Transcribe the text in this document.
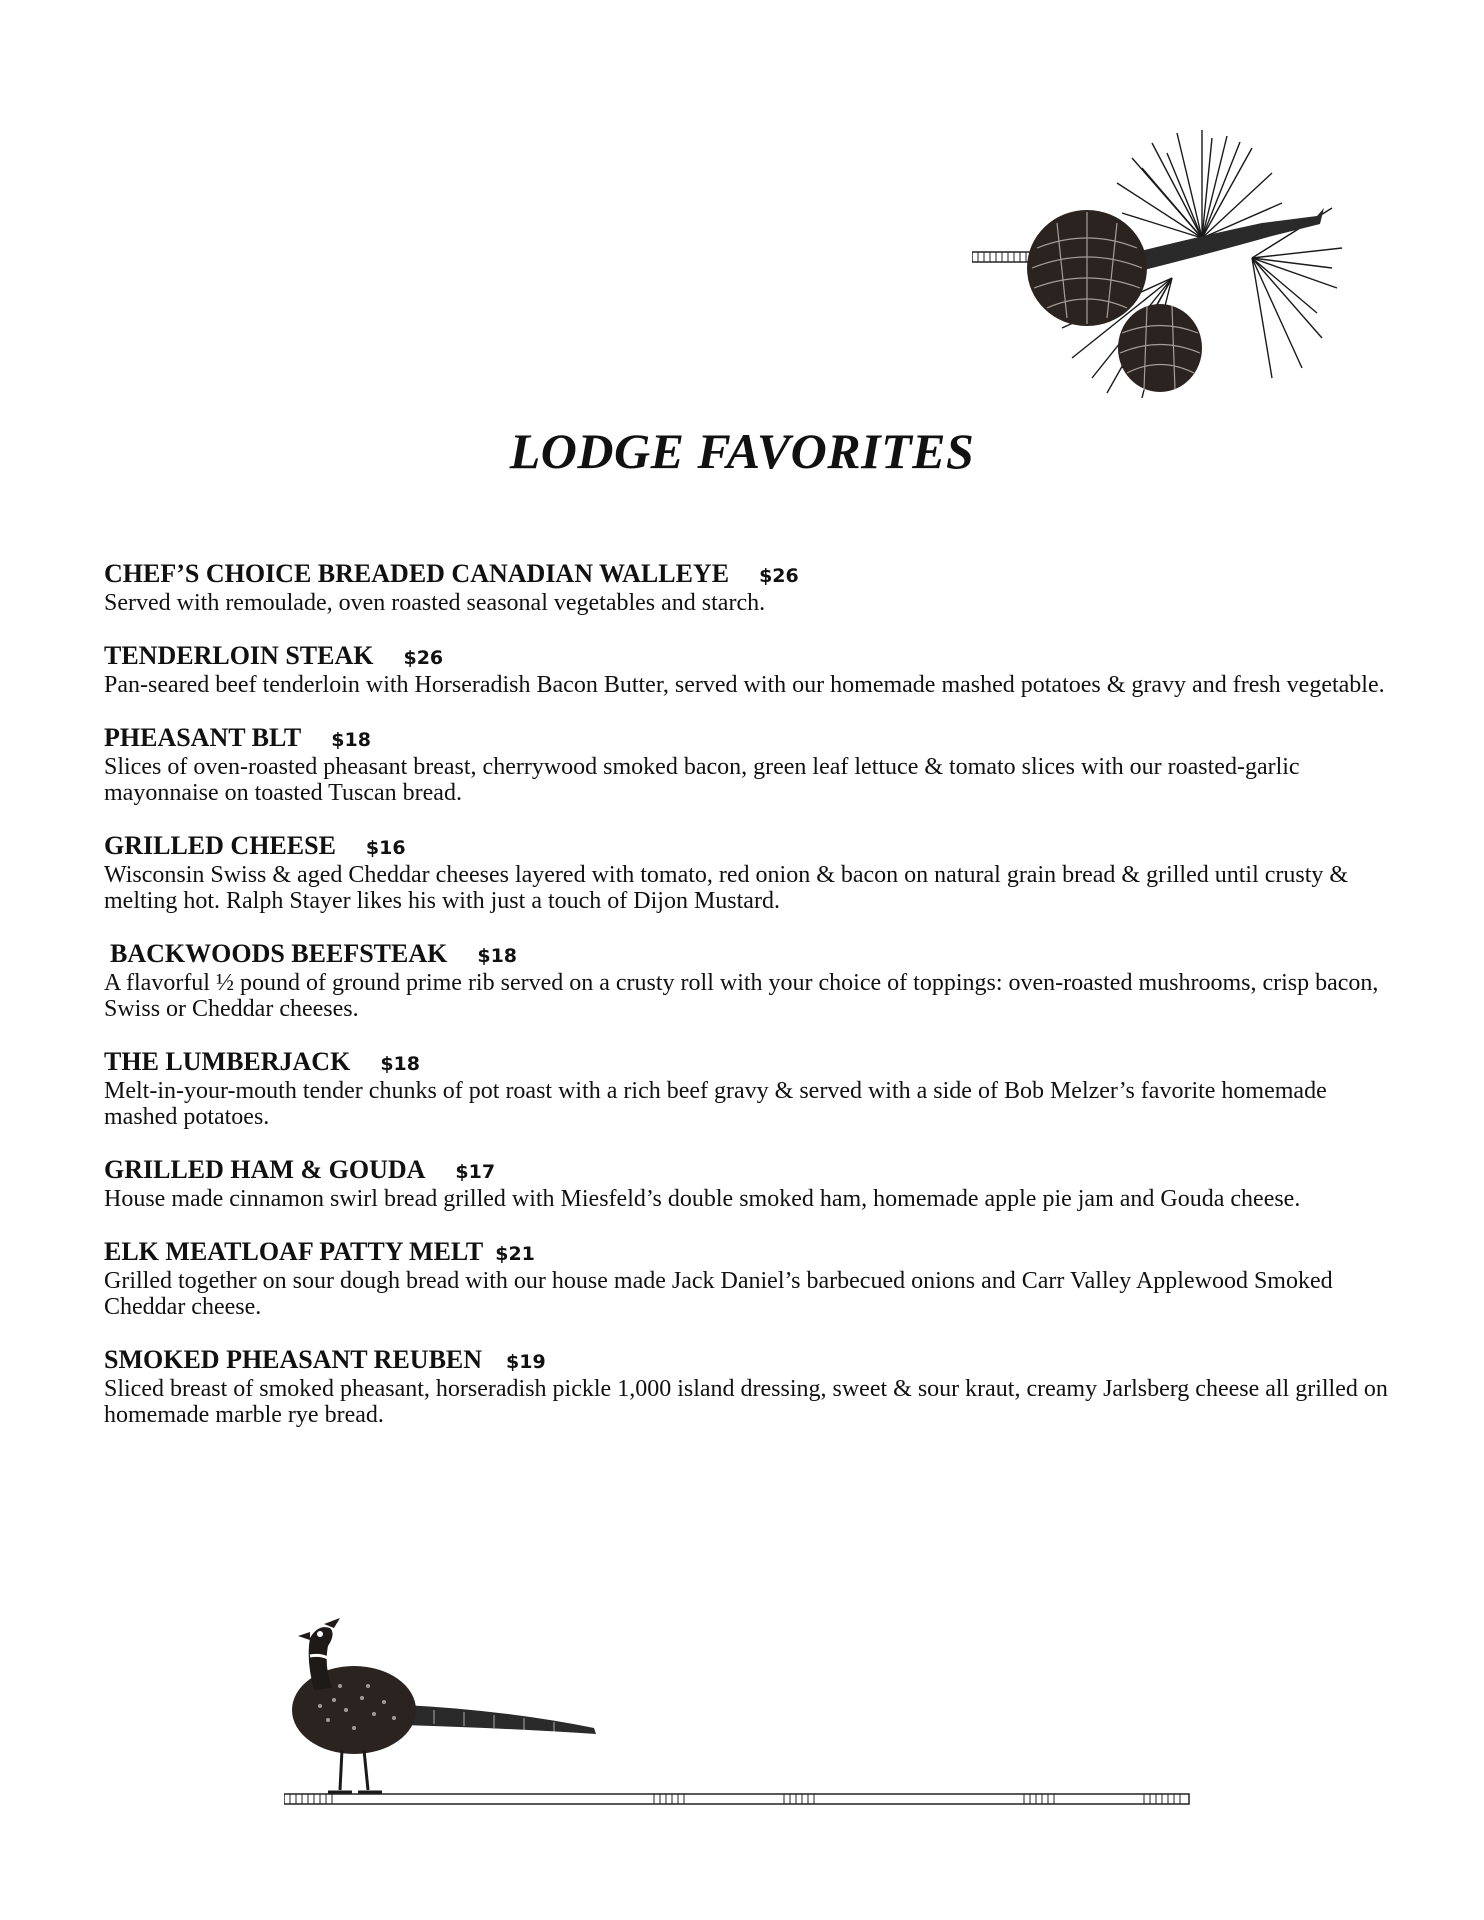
LODGE FAVORITES
CHEF’S CHOICE BREADED CANADIAN WALLEYE $26
Served with remoulade, oven roasted seasonal vegetables and starch.
TENDERLOIN STEAK $26
Pan-seared beef tenderloin with Horseradish Bacon Butter, served with our homemade mashed potatoes & gravy and fresh vegetable.
PHEASANT BLT $18
Slices of oven-roasted pheasant breast, cherrywood smoked bacon, green leaf lettuce & tomato slices with our roasted-garlic mayonnaise on toasted Tuscan bread.
GRILLED CHEESE $16
Wisconsin Swiss & aged Cheddar cheeses layered with tomato, red onion & bacon on natural grain bread & grilled until crusty & melting hot. Ralph Stayer likes his with just a touch of Dijon Mustard.
BACKWOODS BEEFSTEAK $18
A flavorful ½ pound of ground prime rib served on a crusty roll with your choice of toppings: oven-roasted mushrooms, crisp bacon, Swiss or Cheddar cheeses.
THE LUMBERJACK $18
Melt-in-your-mouth tender chunks of pot roast with a rich beef gravy & served with a side of Bob Melzer’s favorite homemade mashed potatoes.
GRILLED HAM & GOUDA $17
House made cinnamon swirl bread grilled with Miesfeld’s double smoked ham, homemade apple pie jam and Gouda cheese.
ELK MEATLOAF PATTY MELT $21
Grilled together on sour dough bread with our house made Jack Daniel’s barbecued onions and Carr Valley Applewood Smoked Cheddar cheese.
SMOKED PHEASANT REUBEN $19
Sliced breast of smoked pheasant, horseradish pickle 1,000 island dressing, sweet & sour kraut, creamy Jarlsberg cheese all grilled on homemade marble rye bread.
